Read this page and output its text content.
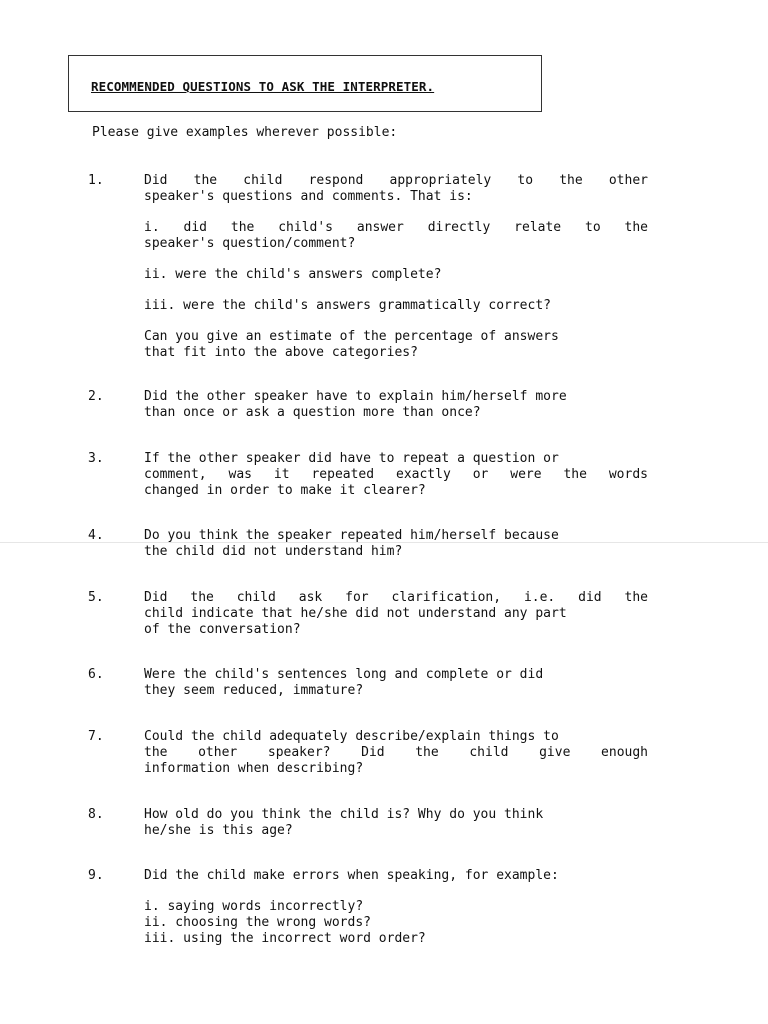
RECOMMENDED QUESTIONS TO ASK THE INTERPRETER.
Please give examples wherever possible:
1.	Did the child respond appropriately to the other
speaker's questions and comments. That is:
i. did the child's answer directly relate to the
speaker's question/comment?
ii. were the child's answers complete?
iii. were the child's answers grammatically correct?
Can you give an estimate of the percentage of answers
that fit into the above categories?
2.	Did the other speaker have to explain him/herself more
than once or ask a question more than once?
3.	If the other speaker did have to repeat a question or
comment, was it repeated exactly or were the words
changed in order to make it clearer?
4.	Do you think the speaker repeated him/herself because
the child did not understand him?
5.	Did the child ask for clarification, i.e. did the
child indicate that he/she did not understand any part
of the conversation?
6.	Were the child's sentences long and complete or did
they seem reduced, immature?
7.	Could the child adequately describe/explain things to
the other speaker? Did the child give enough
information when describing?
8.	How old do you think the child is? Why do you think
he/she is this age?
9.	Did the child make errors when speaking, for example:
i. saying words incorrectly?
ii. choosing the wrong words?
iii. using the incorrect word order?
